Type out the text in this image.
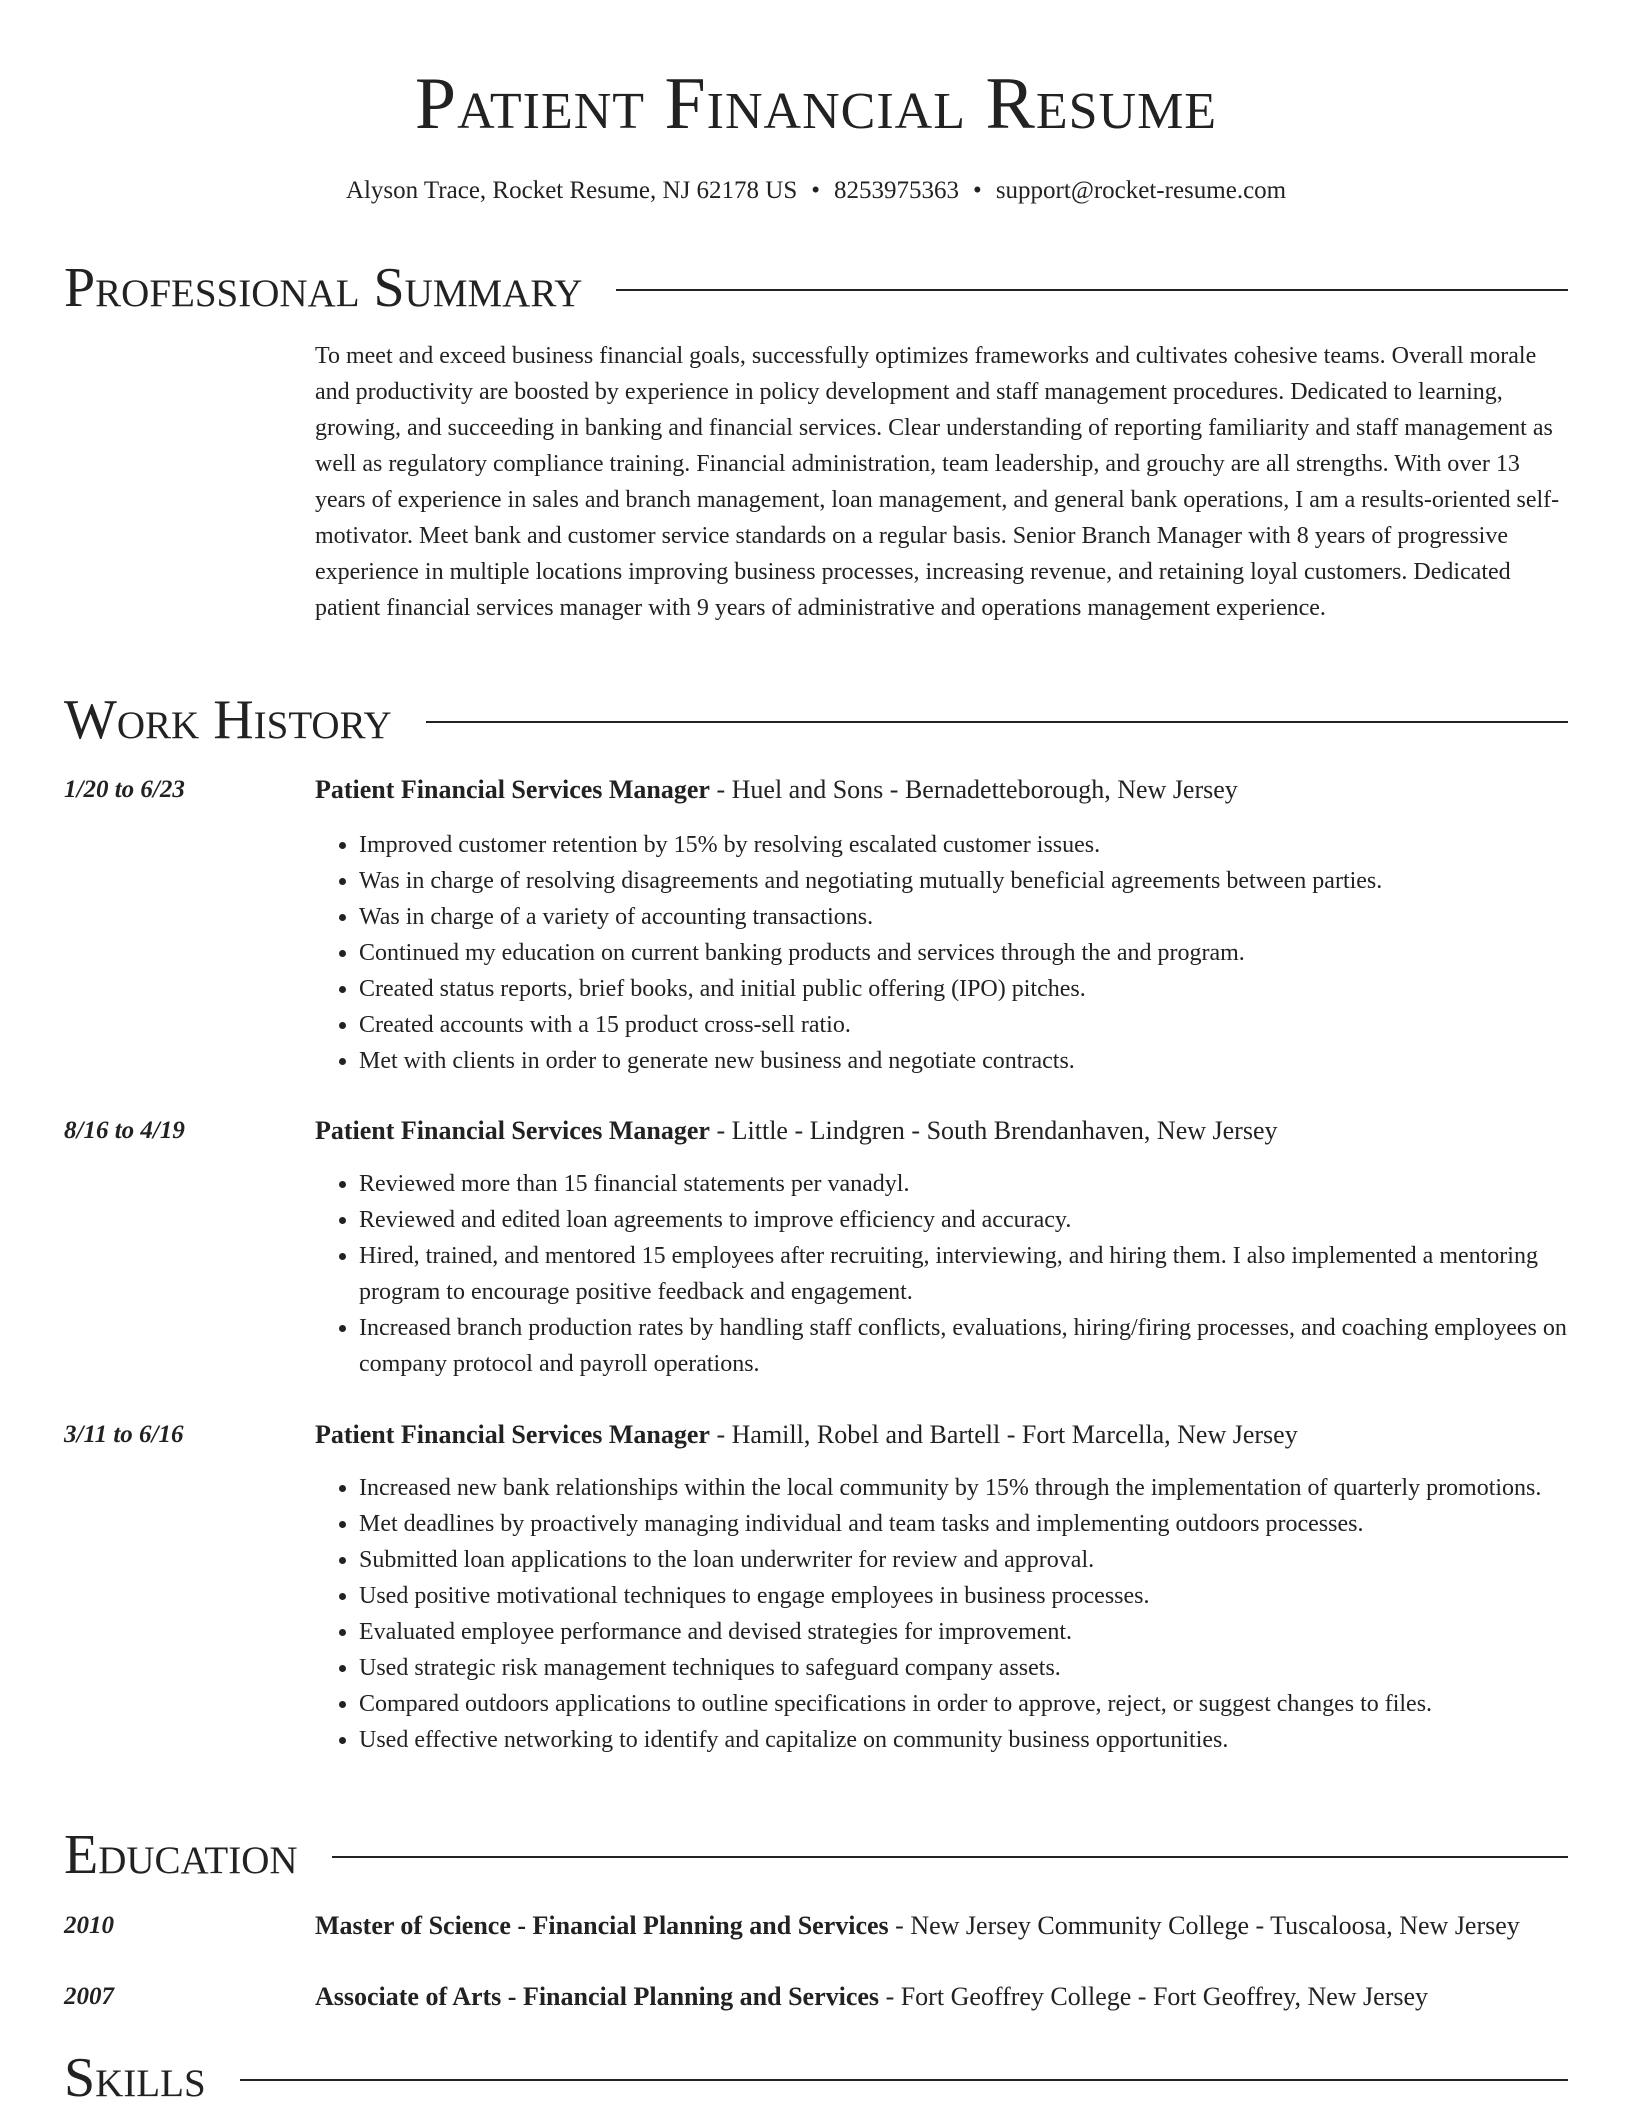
Patient Financial Resume
Alyson Trace, Rocket Resume, NJ 62178 US • 8253975363 • support@rocket-resume.com
Professional Summary

To meet and exceed business financial goals, successfully optimizes frameworks and cultivates cohesive teams. Overall morale and productivity are boosted by experience in policy development and staff management procedures. Dedicated to learning, growing, and succeeding in banking and financial services. Clear understanding of reporting familiarity and staff management as well as regulatory compliance training. Financial administration, team leadership, and grouchy are all strengths. With over 13 years of experience in sales and branch management, loan management, and general bank operations, I am a results-oriented self-motivator. Meet bank and customer service standards on a regular basis. Senior Branch Manager with 8 years of progressive experience in multiple locations improving business processes, increasing revenue, and retaining loyal customers. Dedicated patient financial services manager with 9 years of administrative and operations management experience.

Work History
1/20 to 6/23	Patient Financial Services Manager - Huel and Sons - Bernadetteborough, New Jersey
• Improved customer retention by 15% by resolving escalated customer issues.
• Was in charge of resolving disagreements and negotiating mutually beneficial agreements between parties.
• Was in charge of a variety of accounting transactions.
• Continued my education on current banking products and services through the and program.
• Created status reports, brief books, and initial public offering (IPO) pitches.
• Created accounts with a 15 product cross-sell ratio.
• Met with clients in order to generate new business and negotiate contracts.
8/16 to 4/19	Patient Financial Services Manager - Little - Lindgren - South Brendanhaven, New Jersey
• Reviewed more than 15 financial statements per vanadyl.
• Reviewed and edited loan agreements to improve efficiency and accuracy.
• Hired, trained, and mentored 15 employees after recruiting, interviewing, and hiring them. I also implemented a mentoring program to encourage positive feedback and engagement.
• Increased branch production rates by handling staff conflicts, evaluations, hiring/firing processes, and coaching employees on company protocol and payroll operations.
3/11 to 6/16	Patient Financial Services Manager - Hamill, Robel and Bartell - Fort Marcella, New Jersey
• Increased new bank relationships within the local community by 15% through the implementation of quarterly promotions.
• Met deadlines by proactively managing individual and team tasks and implementing outdoors processes.
• Submitted loan applications to the loan underwriter for review and approval.
• Used positive motivational techniques to engage employees in business processes.
• Evaluated employee performance and devised strategies for improvement.
• Used strategic risk management techniques to safeguard company assets.
• Compared outdoors applications to outline specifications in order to approve, reject, or suggest changes to files.
• Used effective networking to identify and capitalize on community business opportunities.
Education
2010	Master of Science - Financial Planning and Services - New Jersey Community College - Tuscaloosa, New Jersey
2007	Associate of Arts - Financial Planning and Services - Fort Geoffrey College - Fort Geoffrey, New Jersey
Skills
